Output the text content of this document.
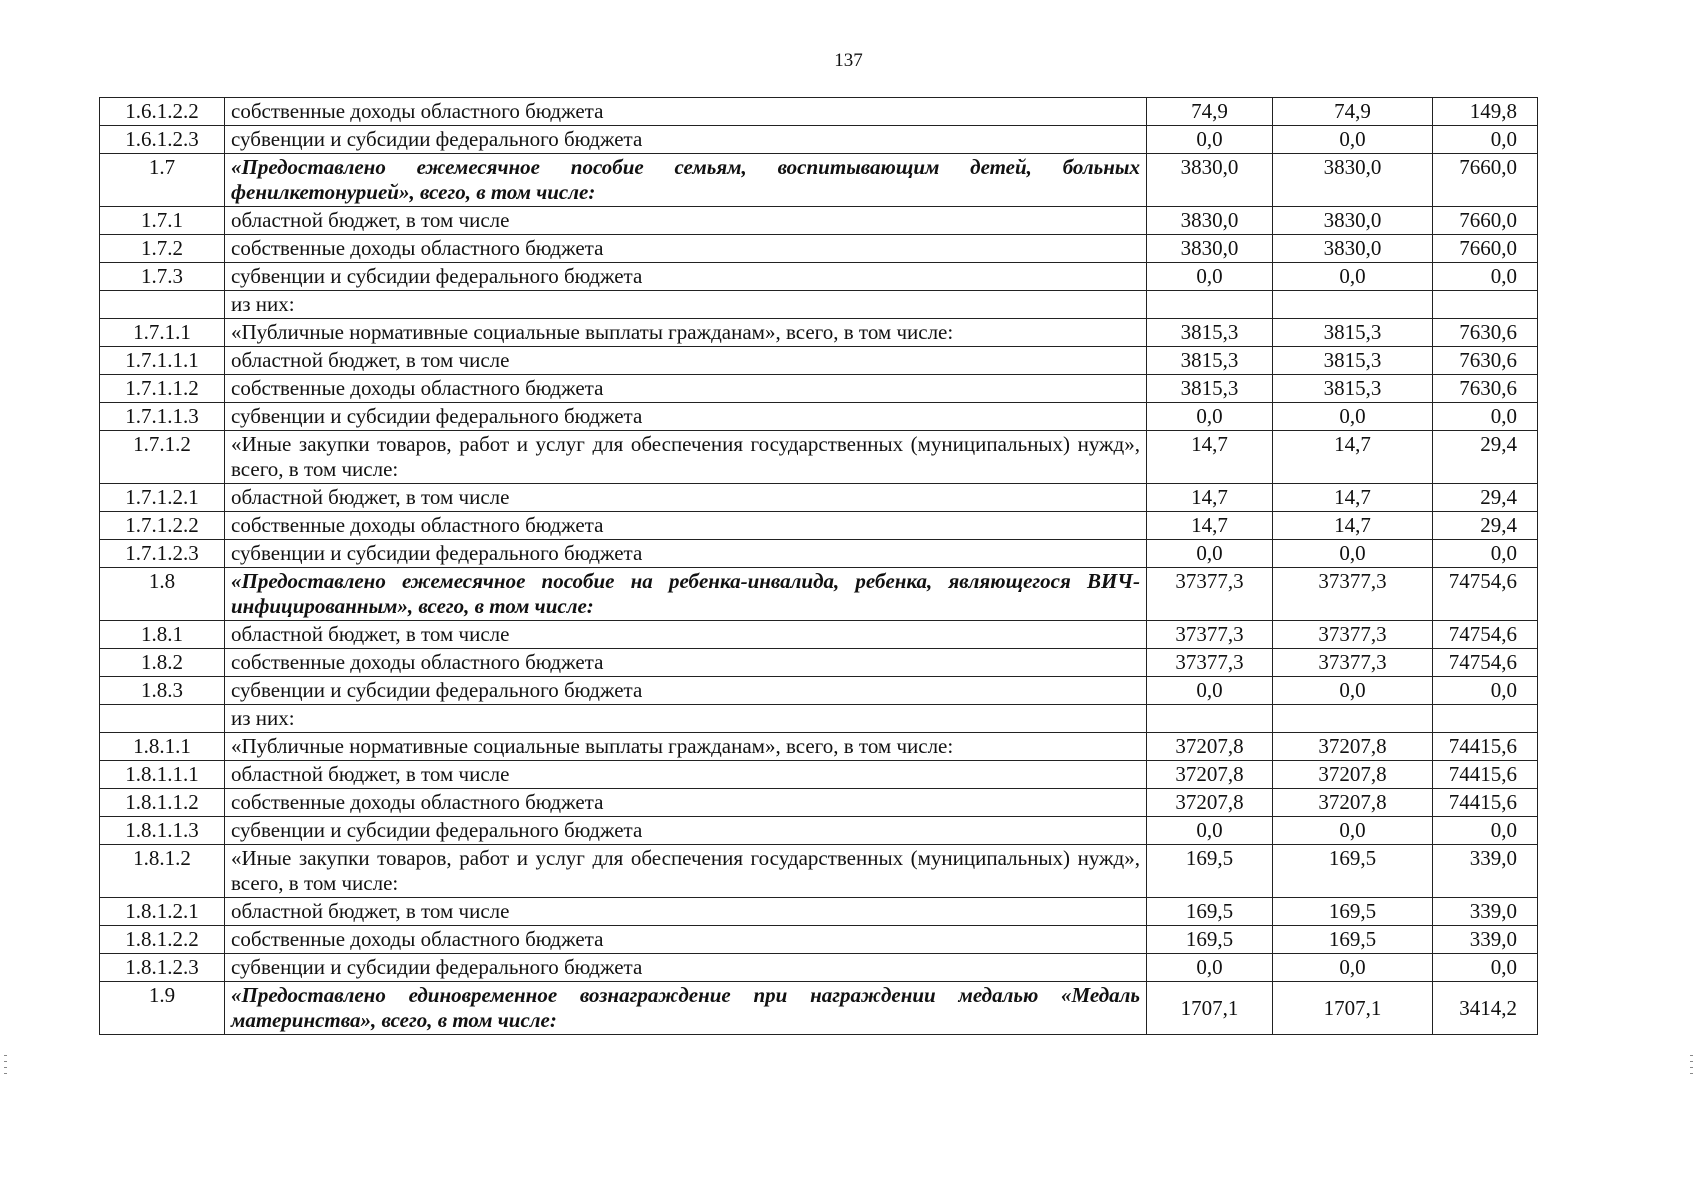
137
1.6.1.2.2	собственные доходы областного бюджета	74,9	74,9	149,8
1.6.1.2.3	субвенции и субсидии федерального бюджета	0,0	0,0	0,0
1.7	«Предоставлено ежемесячное пособие семьям, воспитывающим детей, больных фенилкетонурией», всего, в том числе:	3830,0	3830,0	7660,0
1.7.1	областной бюджет, в том числе	3830,0	3830,0	7660,0
1.7.2	собственные доходы областного бюджета	3830,0	3830,0	7660,0
1.7.3	субвенции и субсидии федерального бюджета	0,0	0,0	0,0
	из них:			
1.7.1.1	«Публичные нормативные социальные выплаты гражданам», всего, в том числе:	3815,3	3815,3	7630,6
1.7.1.1.1	областной бюджет, в том числе	3815,3	3815,3	7630,6
1.7.1.1.2	собственные доходы областного бюджета	3815,3	3815,3	7630,6
1.7.1.1.3	субвенции и субсидии федерального бюджета	0,0	0,0	0,0
1.7.1.2	«Иные закупки товаров, работ и услуг для обеспечения государственных (муниципальных) нужд», всего, в том числе:	14,7	14,7	29,4
1.7.1.2.1	областной бюджет, в том числе	14,7	14,7	29,4
1.7.1.2.2	собственные доходы областного бюджета	14,7	14,7	29,4
1.7.1.2.3	субвенции и субсидии федерального бюджета	0,0	0,0	0,0
1.8	«Предоставлено ежемесячное пособие на ребенка-инвалида, ребенка, являющегося ВИЧ-инфицированным», всего, в том числе:	37377,3	37377,3	74754,6
1.8.1	областной бюджет, в том числе	37377,3	37377,3	74754,6
1.8.2	собственные доходы областного бюджета	37377,3	37377,3	74754,6
1.8.3	субвенции и субсидии федерального бюджета	0,0	0,0	0,0
	из них:			
1.8.1.1	«Публичные нормативные социальные выплаты гражданам», всего, в том числе:	37207,8	37207,8	74415,6
1.8.1.1.1	областной бюджет, в том числе	37207,8	37207,8	74415,6
1.8.1.1.2	собственные доходы областного бюджета	37207,8	37207,8	74415,6
1.8.1.1.3	субвенции и субсидии федерального бюджета	0,0	0,0	0,0
1.8.1.2	«Иные закупки товаров, работ и услуг для обеспечения государственных (муниципальных) нужд», всего, в том числе:	169,5	169,5	339,0
1.8.1.2.1	областной бюджет, в том числе	169,5	169,5	339,0
1.8.1.2.2	собственные доходы областного бюджета	169,5	169,5	339,0
1.8.1.2.3	субвенции и субсидии федерального бюджета	0,0	0,0	0,0
1.9	«Предоставлено единовременное вознаграждение при награждении медалью «Медаль материнства», всего, в том числе:	1707,1	1707,1	3414,2
